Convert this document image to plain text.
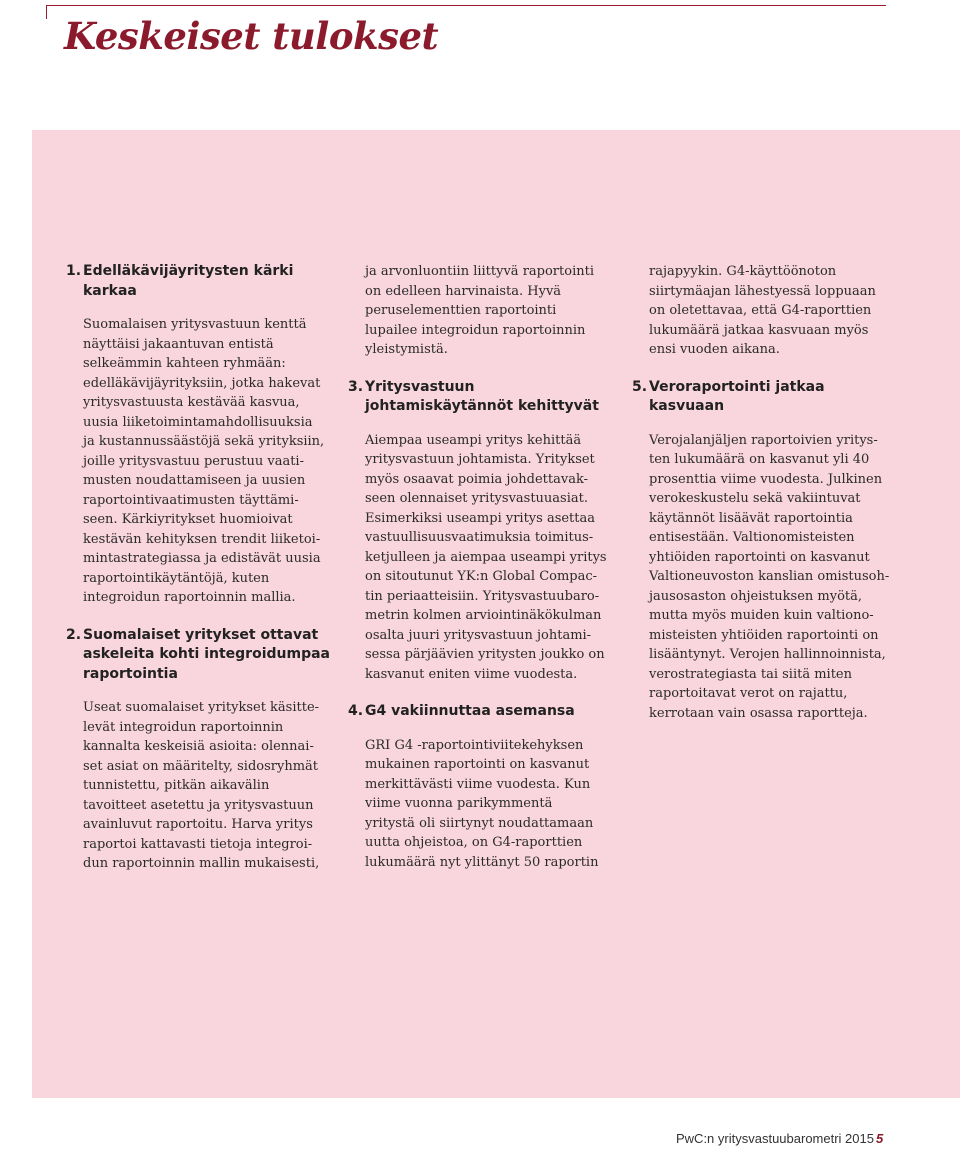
Keskeiset tulokset
1. Edelläkävijäyritysten kärki
karkaa
Suomalaisen yritysvastuun kenttä
näyttäisi jakaantuvan entistä
selkeämmin kahteen ryhmään:
edelläkävijäyrityksiin, jotka hakevat
yritysvastuusta kestävää kasvua,
uusia liiketoimintamahdollisuuksia
ja kustannussäästöjä sekä yrityksiin,
joille yritysvastuu perustuu vaati-
musten noudattamiseen ja uusien
raportointivaatimusten täyttämi-
seen. Kärkiyritykset huomioivat
kestävän kehityksen trendit liiketoi-
mintastrategiassa ja edistävät uusia
raportointikäytäntöjä, kuten
integroidun raportoinnin mallia.
2. Suomalaiset yritykset ottavat
askeleita kohti integroidumpaa
raportointia
Useat suomalaiset yritykset käsitte-
levät integroidun raportoinnin
kannalta keskeisiä asioita: olennai-
set asiat on määritelty, sidosryhmät
tunnistettu, pitkän aikavälin
tavoitteet asetettu ja yritysvastuun
avainluvut raportoitu. Harva yritys
raportoi kattavasti tietoja integroi-
dun raportoinnin mallin mukaisesti,
ja arvonluontiin liittyvä raportointi
on edelleen harvinaista. Hyvä
peruselementtien raportointi
lupailee integroidun raportoinnin
yleistymistä.
3. Yritysvastuun
johtamiskäytännöt kehittyvät
Aiempaa useampi yritys kehittää
yritysvastuun johtamista. Yritykset
myös osaavat poimia johdettavak-
seen olennaiset yritysvastuuasiat.
Esimerkiksi useampi yritys asettaa
vastuullisuusvaatimuksia toimitus-
ketjulleen ja aiempaa useampi yritys
on sitoutunut YK:n Global Compac-
tin periaatteisiin. Yritysvastuubaro-
metrin kolmen arviointinäkökulman
osalta juuri yritysvastuun johtami-
sessa pärjäävien yritysten joukko on
kasvanut eniten viime vuodesta.
4. G4 vakiinnuttaa asemansa
GRI G4 -raportointiviitekehyksen
mukainen raportointi on kasvanut
merkittävästi viime vuodesta. Kun
viime vuonna parikymmentä
yritystä oli siirtynyt noudattamaan
uutta ohjeistoa, on G4-raporttien
lukumäärä nyt ylittänyt 50 raportin
rajapyykin. G4-käyttöönoton
siirtymäajan lähestyessä loppuaan
on oletettavaa, että G4-raporttien
lukumäärä jatkaa kasvuaan myös
ensi vuoden aikana.
5. Veroraportointi jatkaa
kasvuaan
Verojalanjäljen raportoivien yritys-
ten lukumäärä on kasvanut yli 40
prosenttia viime vuodesta. Julkinen
verokeskustelu sekä vakiintuvat
käytännöt lisäävät raportointia
entisestään. Valtionomisteisten
yhtiöiden raportointi on kasvanut
Valtioneuvoston kanslian omistusoh-
jausosaston ohjeistuksen myötä,
mutta myös muiden kuin valtiono-
misteisten yhtiöiden raportointi on
lisääntynyt. Verojen hallinnoinnista,
verostrategiasta tai siitä miten
raportoitavat verot on rajattu,
kerrotaan vain osassa raportteja.
PwC:n yritysvastuubarometri 2015 5
